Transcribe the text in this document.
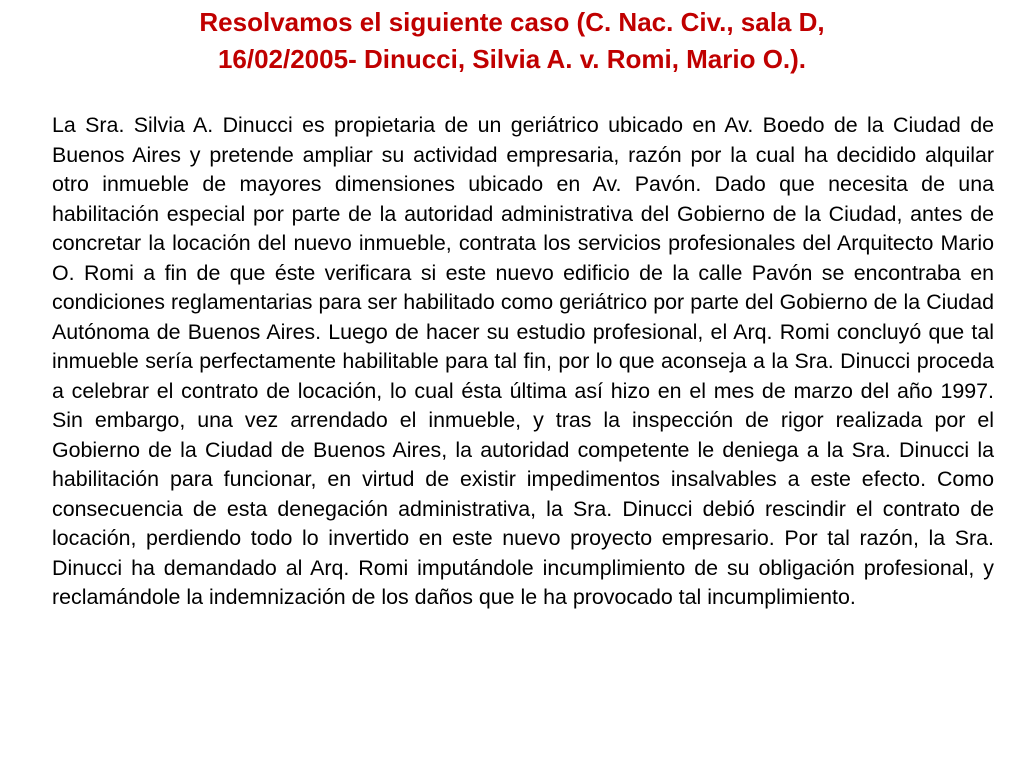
Resolvamos el siguiente caso (C. Nac. Civ., sala D,
16/02/2005- Dinucci, Silvia A. v. Romi, Mario O.).

La Sra. Silvia A. Dinucci es propietaria de un geriátrico ubicado en Av. Boedo de la Ciudad de Buenos Aires y pretende ampliar su actividad empresaria, razón por la cual ha decidido alquilar otro inmueble de mayores dimensiones ubicado en Av. Pavón. Dado que necesita de una habilitación especial por parte de la autoridad administrativa del Gobierno de la Ciudad, antes de concretar la locación del nuevo inmueble, contrata los servicios profesionales del Arquitecto Mario O. Romi a fin de que éste verificara si este nuevo edificio de la calle Pavón se encontraba en condiciones reglamentarias para ser habilitado como geriátrico por parte del Gobierno de la Ciudad Autónoma de Buenos Aires. Luego de hacer su estudio profesional, el Arq. Romi concluyó que tal inmueble sería perfectamente habilitable para tal fin, por lo que aconseja a la Sra. Dinucci proceda a celebrar el contrato de locación, lo cual ésta última así hizo en el mes de marzo del año 1997. Sin embargo, una vez arrendado el inmueble, y tras la inspección de rigor realizada por el Gobierno de la Ciudad de Buenos Aires, la autoridad competente le deniega a la Sra. Dinucci la habilitación para funcionar, en virtud de existir impedimentos insalvables a este efecto. Como consecuencia de esta denegación administrativa, la Sra. Dinucci debió rescindir el contrato de locación, perdiendo todo lo invertido en este nuevo proyecto empresario. Por tal razón, la Sra. Dinucci ha demandado al Arq. Romi imputándole incumplimiento de su obligación profesional, y reclamándole la indemnización de los daños que le ha provocado tal incumplimiento.
